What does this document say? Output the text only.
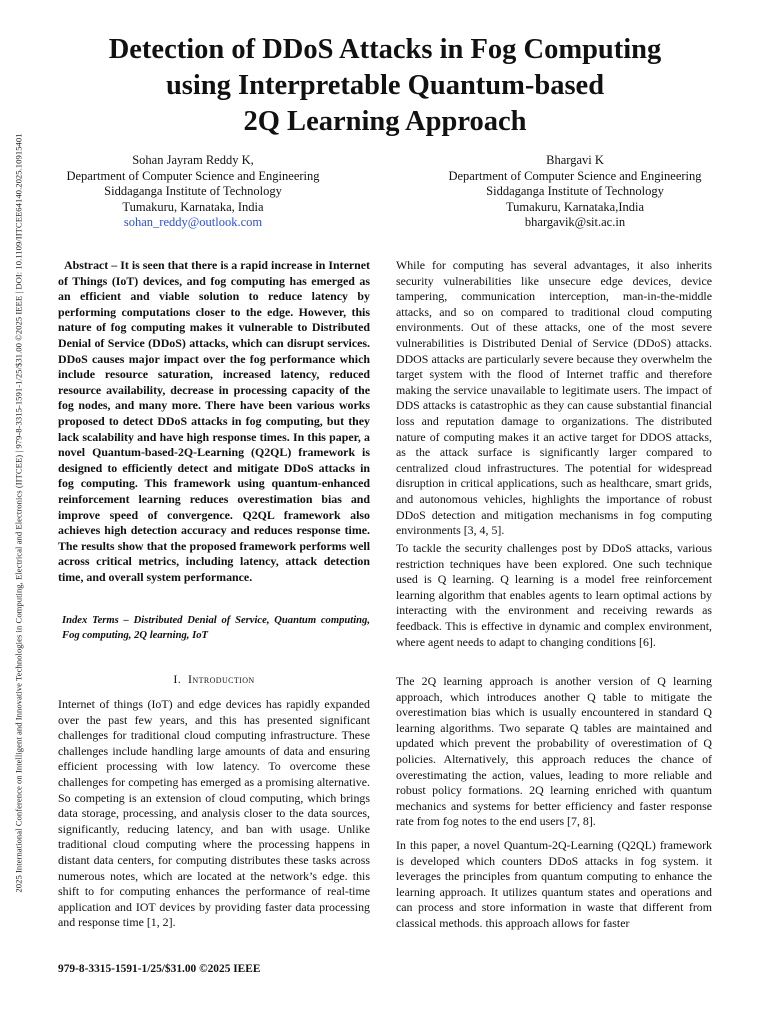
2025 International Conference on Intelligent and Innovative Technologies in Computing, Electrical and Electronics (IITCEE) | 979-8-3315-1591-1/25/$31.00 ©2025 IEEE | DOI: 10.1109/IITCEE64140.2025.10915401
Detection of DDoS Attacks in Fog Computing
using Interpretable Quantum-based
2Q Learning Approach
Sohan Jayram Reddy K,
Department of Computer Science and Engineering
Siddaganga Institute of Technology
Tumakuru, Karnataka, India
sohan_reddy@outlook.com
Bhargavi K
Department of Computer Science and Engineering
Siddaganga Institute of Technology
Tumakuru, Karnataka,India
bhargavik@sit.ac.in

Abstract – It is seen that there is a rapid increase in Internet of Things (IoT) devices, and fog computing has emerged as an efficient and viable solution to reduce latency by performing computations closer to the edge. However, this nature of fog computing makes it vulnerable to Distributed Denial of Service (DDoS) attacks, which can disrupt services. DDoS causes major impact over the fog performance which include resource saturation, increased latency, reduced resource availability, decrease in processing capacity of the fog nodes, and many more. There have been various works proposed to detect DDoS attacks in fog computing, but they lack scalability and have high response times. In this paper, a novel Quantum-based-2Q-Learning (Q2QL) framework is designed to efficiently detect and mitigate DDoS attacks in fog computing. This framework using quantum-enhanced reinforcement learning reduces overestimation bias and improve speed of convergence. Q2QL framework also achieves high detection accuracy and reduces response time. The results show that the proposed framework performs well across critical metrics, including latency, attack detection time, and overall system performance.

Index Terms – Distributed Denial of Service, Quantum computing, Fog computing, 2Q learning, IoT

I. Introduction

Internet of things (IoT) and edge devices has rapidly expanded over the past few years, and this has presented significant challenges for traditional cloud computing infrastructure. These challenges include handling large amounts of data and ensuring efficient processing with low latency. To overcome these challenges for competing has emerged as a promising alternative. So competing is an extension of cloud computing, which brings data storage, processing, and analysis closer to the data sources, significantly, reducing latency, and ban with usage. Unlike traditional cloud computing where the processing happens in distant data centers, for computing distributes these tasks across numerous notes, which are located at the network’s edge. this shift to for computing enhances the performance of real-time application and IOT devices by providing faster data processing and response time [1, 2].

While for computing has several advantages, it also inherits security vulnerabilities like unsecure edge devices, device tampering, communication interception, man-in-the-middle attacks, and so on compared to traditional cloud computing environments. Out of these attacks, one of the most severe vulnerabilities is Distributed Denial of Service (DDoS) attacks. DDOS attacks are particularly severe because they overwhelm the target system with the flood of Internet traffic and therefore making the service unavailable to legitimate users. The impact of DDS attacks is catastrophic as they can cause substantial financial loss and reputation damage to organizations. The distributed nature of computing makes it an active target for DDOS attacks, as the attack surface is significantly larger compared to centralized cloud infrastructures. The potential for widespread disruption in critical applications, such as healthcare, smart grids, and autonomous vehicles, highlights the importance of robust DDoS detection and mitigation mechanisms in fog computing environments [3, 4, 5].

To tackle the security challenges post by DDoS attacks, various restriction techniques have been explored. One such technique used is Q learning. Q learning is a model free reinforcement learning algorithm that enables agents to learn optimal actions by interacting with the environment and receiving rewards as feedback. This is effective in dynamic and complex environment, where agent needs to adapt to changing conditions [6].

The 2Q learning approach is another version of Q learning approach, which introduces another Q table to mitigate the overestimation bias which is usually encountered in standard Q learning algorithms. Two separate Q tables are maintained and updated which prevent the probability of overestimation of Q policies. Alternatively, this approach reduces the chance of overestimating the action, values, leading to more reliable and robust policy formations. 2Q learning enriched with quantum mechanics and systems for better efficiency and faster response rate from fog notes to the end users [7, 8].

In this paper, a novel Quantum-2Q-Learning (Q2QL) framework is developed which counters DDoS attacks in fog system. it leverages the principles from quantum computing to enhance the learning approach. It utilizes quantum states and operations and can process and store information in waste that different from classical methods. this approach allows for faster

979-8-3315-1591-1/25/$31.00 ©2025 IEEE
